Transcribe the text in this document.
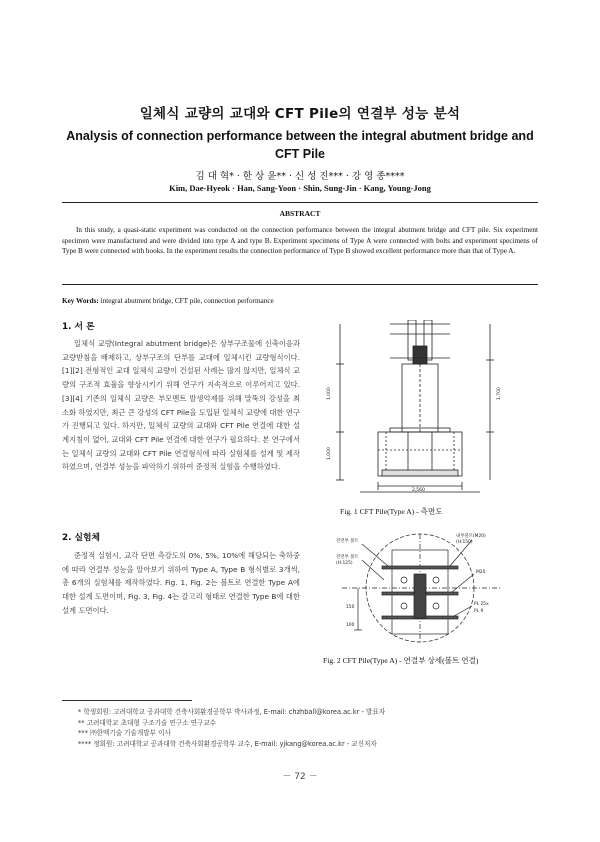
일체식 교량의 교대와 CFT Pile의 연결부 성능 분석
Analysis of connection performance between the integral abutment bridge and CFT Pile
김 대 혁* · 한 상 윤** · 신 성 진*** · 강 영 종****
Kim, Dae-Hyeok · Han, Sang-Yoon · Shin, Sung-Jin · Kang, Young-Jong
ABSTRACT
In this study, a quasi-static experiment was conducted on the connection performance between the integral abutment bridge and CFT pile. Six experiment specimen were manufactured and were divided into type A and type B. Experiment specimens of Type A were connected with bolts and experiment specimens of Type B were connected with hooks. In the experiment results the connection performance of Type B showed excellent performance more than that of Type A.
Key Words: integral abutment bridge, CFT pile, connection performance
1. 서 론
일체식 교량(Integral abutment bridge)은 상부구조물에 신축이음과 교량받침을 배제하고, 상부구조의 단부를 교대에 일체시킨 교량형식이다.[1][2] 전형적인 교대 일체식 교량이 건설된 사례는 많지 않지만, 일체식 교량의 구조적 효율을 향상시키기 위해 연구가 지속적으로 이루어지고 있다.[3][4] 기존의 일체식 교량은 부모멘트 발생억제를 위해 말뚝의 강성을 최소화 하였지만, 최근 큰 강성의 CFT Pile을 도입된 일체식 교량에 대한 연구가 진행되고 있다. 하지만, 일체식 교량의 교대와 CFT Pile 연결에 대한 설계지침이 없어, 교대와 CFT Pile 연결에 대한 연구가 필요하다. 본 연구에서는 일체식 교량의 교대와 CFT Pile 연결형식에 따라 실험체를 설계 및 제작하였으며, 연결부 성능을 파악하기 위하여 준정적 실험을 수행하였다.
2. 실험체
준정적 실험시, 교각 단면 측강도의 0%, 5%, 10%에 해당되는 축하중에 따라 연결부 성능을 알아보기 위하여 Type A, Type B 형식별로 3개씩, 총 6개의 실험체를 제작하였다. Fig. 1, Fig. 2는 볼트로 연결한 Type A에 대한 설계 도면이며, Fig. 3, Fig. 4는 갈고리 형태로 연결한 Type B에 대한 설계 도면이다.
1,000
1,000
1,700
2,560
Fig. 1 CFT Pile(Type A) - 측면도
전면부 볼트
내부볼트(M20)
(H:150)
전면부 볼트
(H:125)
M20
PL 25x
PL 9
150
100
Fig. 2 CFT Pile(Type A) - 연결부 상세(볼트 연결)
* 학생회원: 고려대학교 공과대학 건축사회환경공학부 박사과정, E-mail: chzhball@korea.ac.kr - 발표자
** 고려대학교 초대형 구조기술 연구소 연구교수
*** ㈜한맥기술 기술개발부 이사
**** 정회원: 고려대학교 공과대학 건축사회환경공학부 교수, E-mail: yjkang@korea.ac.kr - 교신저자
－ 72 －
